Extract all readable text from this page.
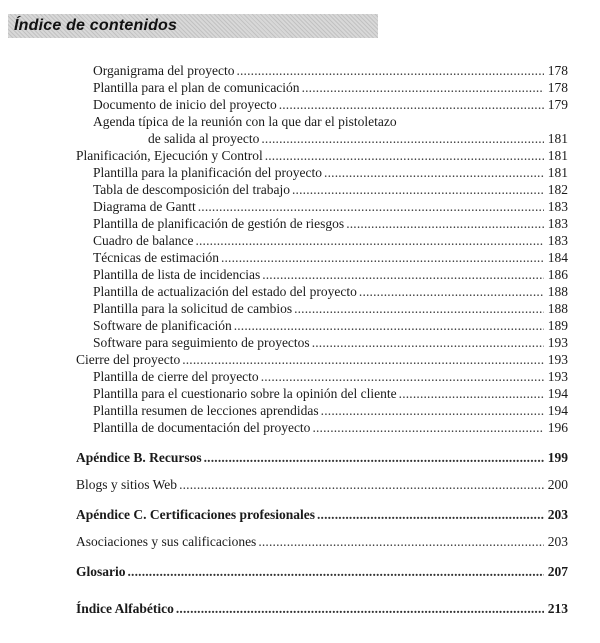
Índice de contenidos
Organigrama del proyecto . . .	178
Plantilla para el plan de comunicación . . .	178
Documento de inicio del proyecto . . .	179
Agenda típica de la reunión con la que dar el pistoletazo
de salida al proyecto . . .	181
Planificación, Ejecución y Control . . .	181
Plantilla para la planificación del proyecto . . .	181
Tabla de descomposición del trabajo . . .	182
Diagrama de Gantt . . .	183
Plantilla de planificación de gestión de riesgos . . .	183
Cuadro de balance . . .	183
Técnicas de estimación . . .	184
Plantilla de lista de incidencias . . .	186
Plantilla de actualización del estado del proyecto . . .	188
Plantilla para la solicitud de cambios . . .	188
Software de planificación . . .	189
Software para seguimiento de proyectos . . .	193
Cierre del proyecto . . .	193
Plantilla de cierre del proyecto . . .	193
Plantilla para el cuestionario sobre la opinión del cliente . . .	194
Plantilla resumen de lecciones aprendidas . . .	194
Plantilla de documentación del proyecto . . .	196
Apéndice B. Recursos . . .	199
Blogs y sitios Web . . .	200
Apéndice C. Certificaciones profesionales . . .	203
Asociaciones y sus calificaciones . . .	203
Glosario . . .	207
Índice Alfabético . . .	213
